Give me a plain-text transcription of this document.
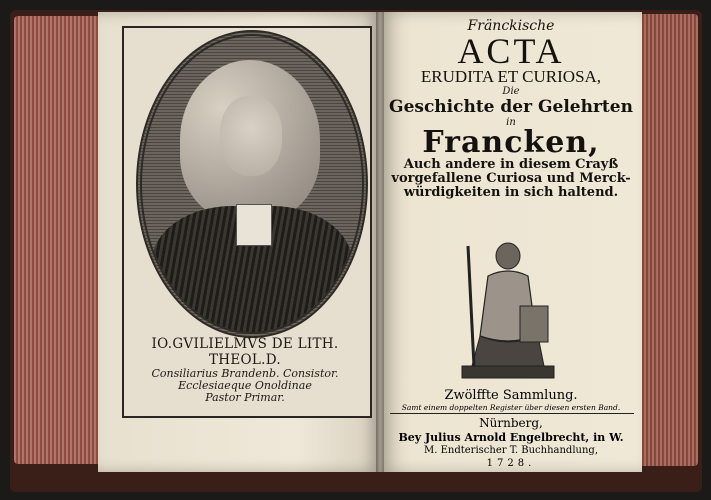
IO.GVILIELMVS DE LITH. THEOL.D.
Consiliarius Brandenb. Consistor.
Ecclesiaeque Onoldinae
Pastor Primar.
Fränckische
ACTA
ERUDITA ET CURIOSA,
Die
Geschichte der Gelehrten
in
Francken,
Auch andere in diesem Crayß
vorgefallene Curiosa und Merck-
würdigkeiten in sich haltend.
Zwölffte Sammlung.
Samt einem doppelten Register über diesen ersten Band.
Nürnberg,
Bey Julius Arnold Engelbrecht, in W.
M. Endterischer T. Buchhandlung,
1728.
